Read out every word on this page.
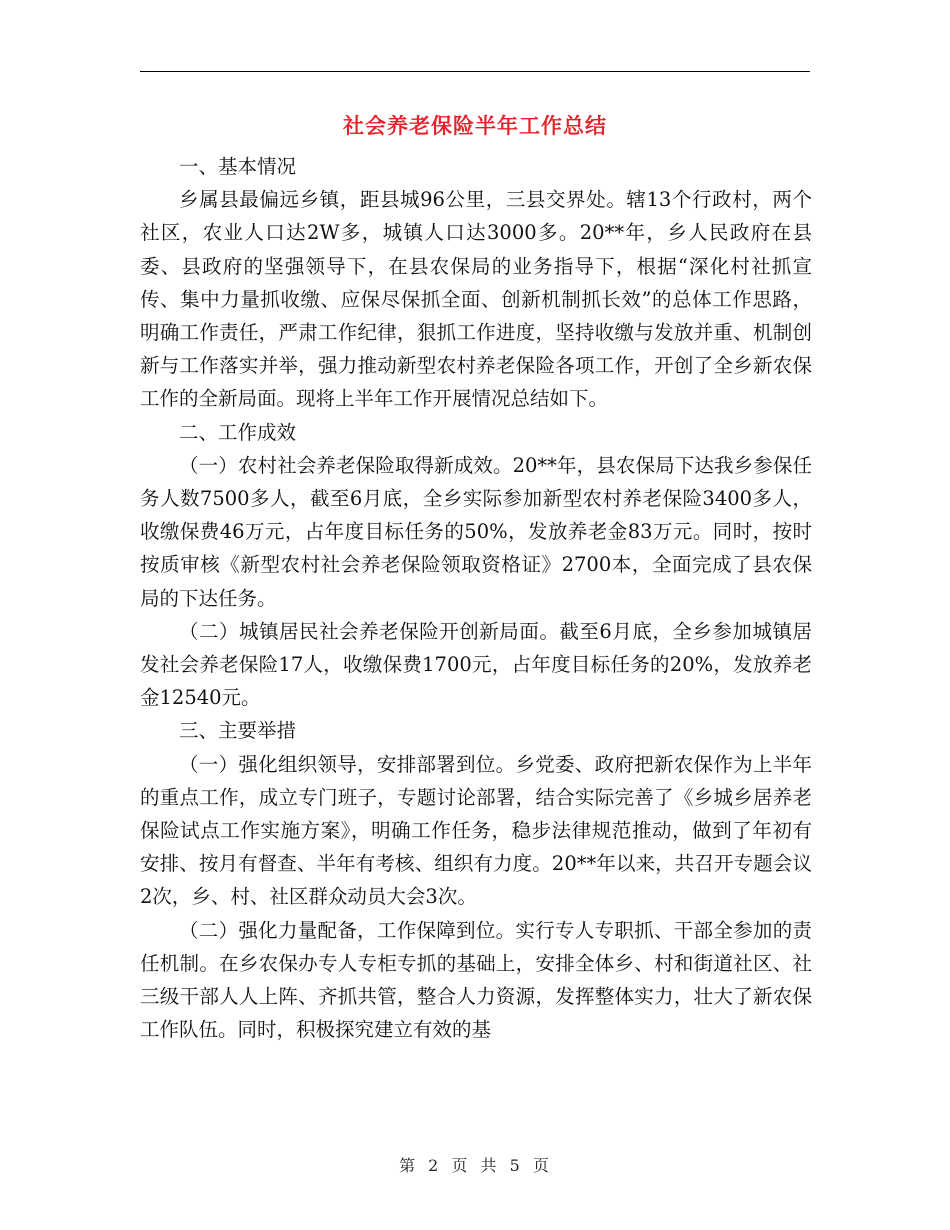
社会养老保险半年工作总结

一、基本情况

乡属县最偏远乡镇，距县城96公里，三县交界处。辖13个行政村，两个社区，农业人口达2W多，城镇人口达3000多。20**年，乡人民政府在县委、县政府的坚强领导下，在县农保局的业务指导下，根据“深化村社抓宣传、集中力量抓收缴、应保尽保抓全面、创新机制抓长效”的总体工作思路，明确工作责任，严肃工作纪律，狠抓工作进度，坚持收缴与发放并重、机制创新与工作落实并举，强力推动新型农村养老保险各项工作，开创了全乡新农保工作的全新局面。现将上半年工作开展情况总结如下。

二、工作成效

（一）农村社会养老保险取得新成效。20**年，县农保局下达我乡参保任务人数7500多人，截至6月底，全乡实际参加新型农村养老保险3400多人，收缴保费46万元，占年度目标任务的50%，发放养老金83万元。同时，按时按质审核《新型农村社会养老保险领取资格证》2700本，全面完成了县农保局的下达任务。

（二）城镇居民社会养老保险开创新局面。截至6月底，全乡参加城镇居发社会养老保险17人，收缴保费1700元，占年度目标任务的20%，发放养老金12540元。

三、主要举措

（一）强化组织领导，安排部署到位。乡党委、政府把新农保作为上半年的重点工作，成立专门班子，专题讨论部署，结合实际完善了《乡城乡居养老保险试点工作实施方案》，明确工作任务，稳步法律规范推动，做到了年初有安排、按月有督查、半年有考核、组织有力度。20**年以来，共召开专题会议2次，乡、村、社区群众动员大会3次。

（二）强化力量配备，工作保障到位。实行专人专职抓、干部全参加的责任机制。在乡农保办专人专柜专抓的基础上，安排全体乡、村和街道社区、社三级干部人人上阵、齐抓共管，整合人力资源，发挥整体实力，壮大了新农保工作队伍。同时，积极探究建立有效的基

第 2 页 共 5 页
